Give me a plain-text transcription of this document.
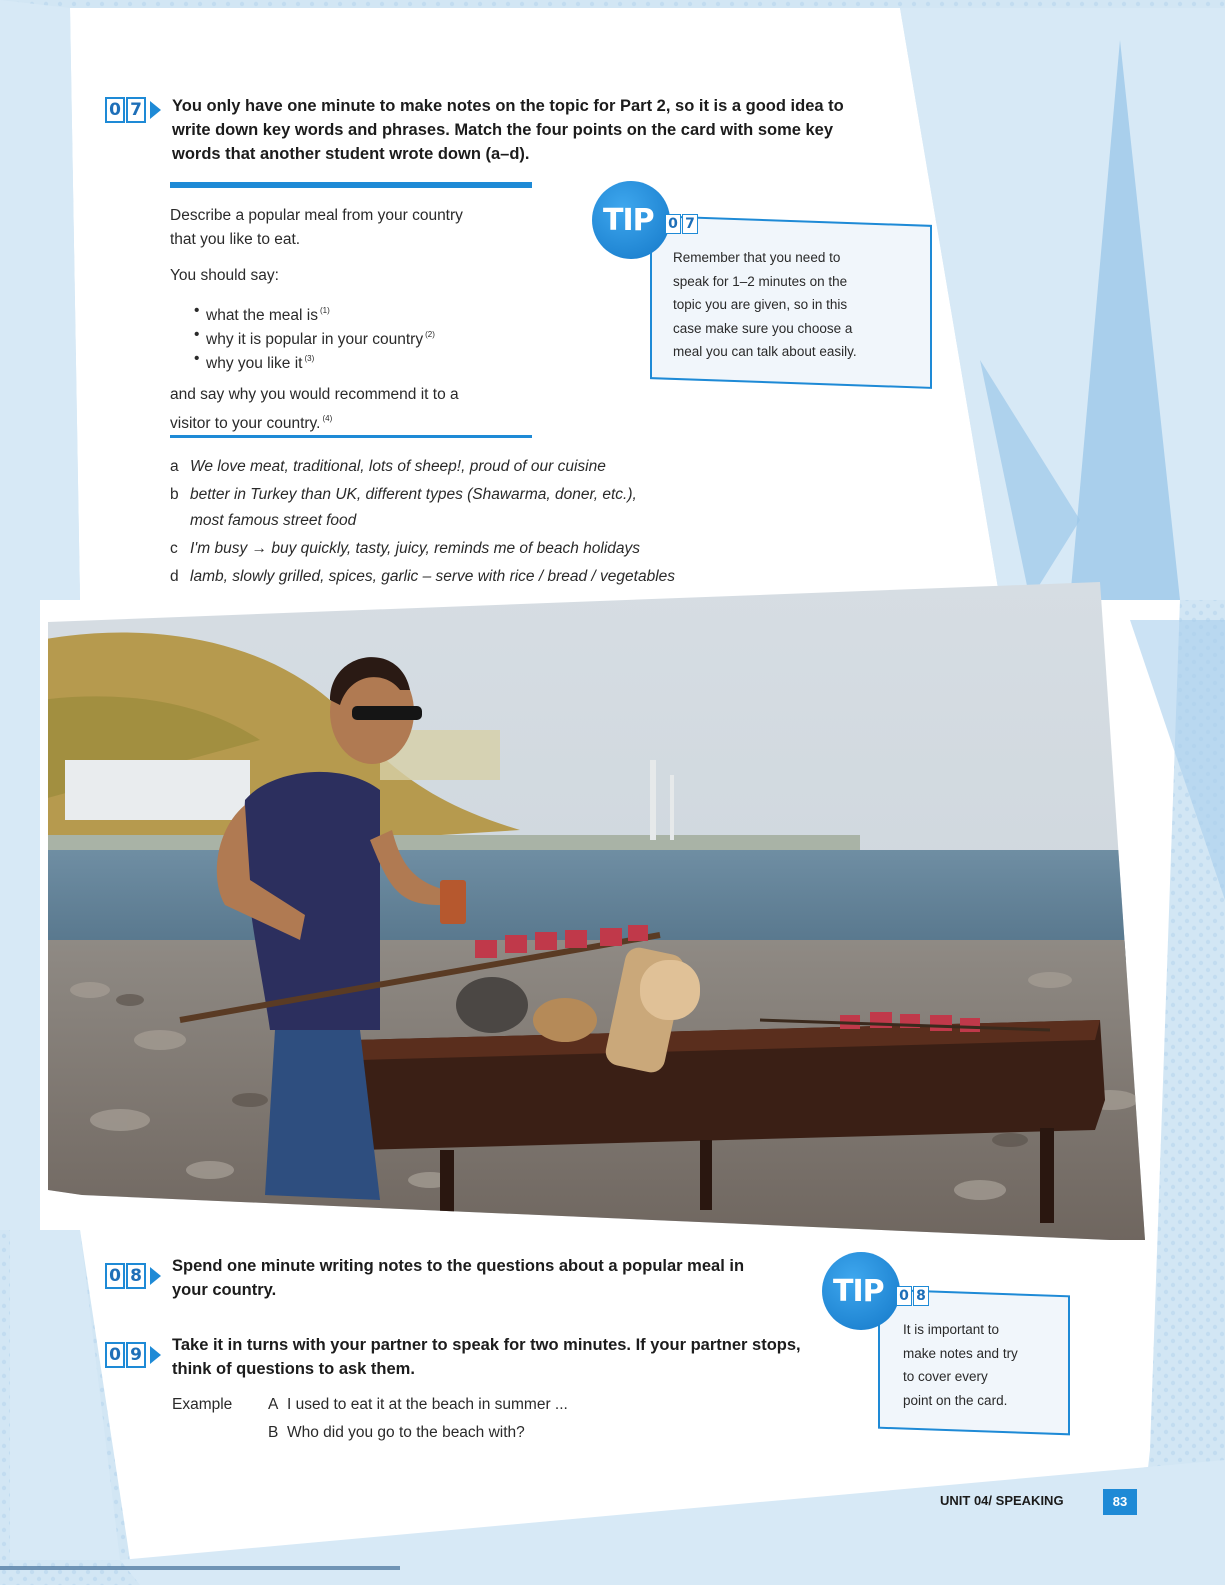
0 7 You only have one minute to make notes on the topic for Part 2, so it is a good idea to
write down key words and phrases. Match the four points on the card with some key
words that another student wrote down (a–d).
Describe a popular meal from your country
that you like to eat.
You should say:
• what the meal is $^{(1)}$
• why it is popular in your country $^{(2)}$
• why you like it $^{(3)}$
and say why you would recommend it to a
visitor to your country. $^{(4)}$
TIP 0 7
Remember that you need to
speak for 1–2 minutes on the
topic you are given, so in this
case make sure you choose a
meal you can talk about easily.
a We love meat, traditional, lots of sheep!, proud of our cuisine
b better in Turkey than UK, different types (Shawarma, doner, etc.),
most famous street food
c I'm busy → buy quickly, tasty, juicy, reminds me of beach holidays
d lamb, slowly grilled, spices, garlic – serve with rice / bread / vegetables
0 8 Spend one minute writing notes to the questions about a popular meal in
your country.
0 9 Take it in turns with your partner to speak for two minutes. If your partner stops,
think of questions to ask them.
Example A I used to eat it at the beach in summer ...
B Who did you go to the beach with?
TIP 0 8
It is important to
make notes and try
to cover every
point on the card.
UNIT 04/ SPEAKING	83
